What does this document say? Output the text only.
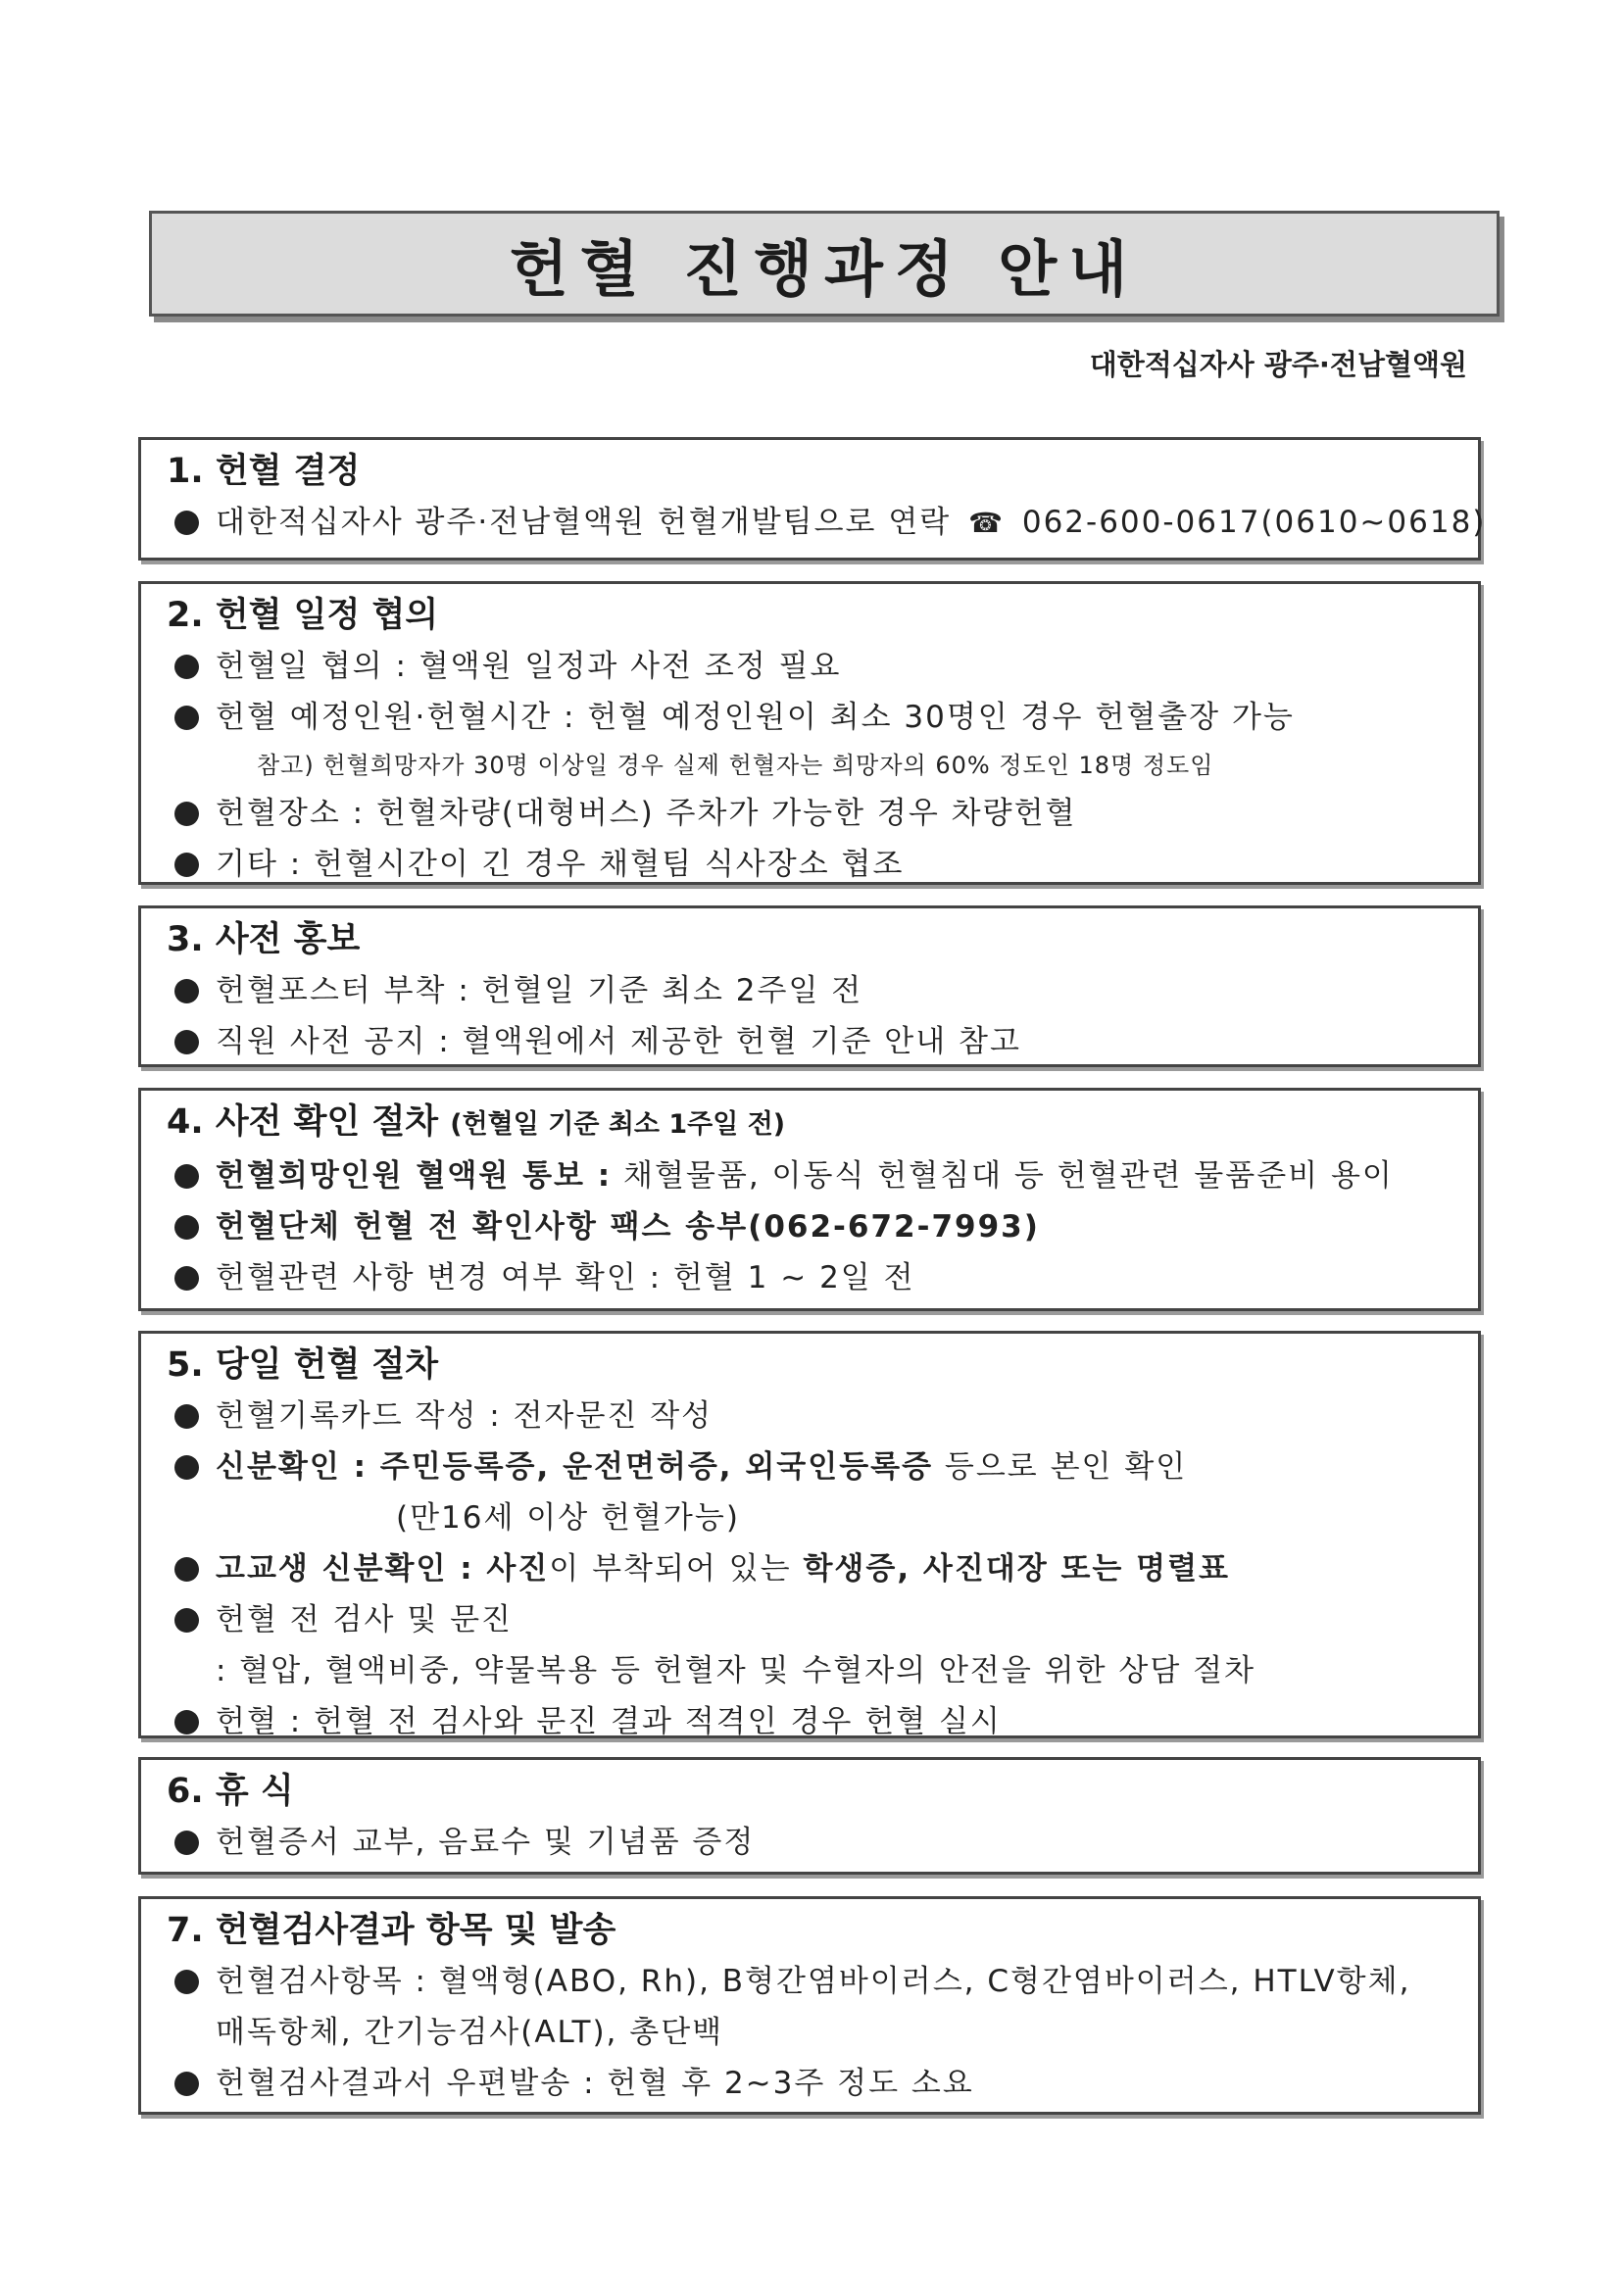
헌혈 진행과정 안내
대한적십자사 광주·전남혈액원
1. 헌혈 결정
대한적십자사 광주·전남혈액원 헌혈개발팀으로 연락 ☎ 062-600-0617(0610~0618)
2. 헌혈 일정 협의
헌혈일 협의 : 혈액원 일정과 사전 조정 필요
헌혈 예정인원·헌혈시간 : 헌혈 예정인원이 최소 30명인 경우 헌혈출장 가능
참고) 헌혈희망자가 30명 이상일 경우 실제 헌혈자는 희망자의 60% 정도인 18명 정도임
헌혈장소 : 헌혈차량(대형버스) 주차가 가능한 경우 차량헌혈
기타 : 헌혈시간이 긴 경우 채혈팀 식사장소 협조
3. 사전 홍보
헌혈포스터 부착 : 헌혈일 기준 최소 2주일 전
직원 사전 공지 : 혈액원에서 제공한 헌혈 기준 안내 참고
4. 사전 확인 절차 (헌혈일 기준 최소 1주일 전)
헌혈희망인원 혈액원 통보 : 채혈물품, 이동식 헌혈침대 등 헌혈관련 물품준비 용이
헌혈단체 헌혈 전 확인사항 팩스 송부(062-672-7993)
헌혈관련 사항 변경 여부 확인 : 헌혈 1 ~ 2일 전
5. 당일 헌혈 절차
헌혈기록카드 작성 : 전자문진 작성
신분확인 : 주민등록증, 운전면허증, 외국인등록증 등으로 본인 확인
(만16세 이상 헌혈가능)
고교생 신분확인 : 사진이 부착되어 있는 학생증, 사진대장 또는 명렬표
헌혈 전 검사 및 문진
: 혈압, 혈액비중, 약물복용 등 헌혈자 및 수혈자의 안전을 위한 상담 절차
헌혈 : 헌혈 전 검사와 문진 결과 적격인 경우 헌혈 실시
6. 휴 식
헌혈증서 교부, 음료수 및 기념품 증정
7. 헌혈검사결과 항목 및 발송
헌혈검사항목 : 혈액형(ABO, Rh), B형간염바이러스, C형간염바이러스, HTLV항체,
매독항체, 간기능검사(ALT), 총단백
헌혈검사결과서 우편발송 : 헌혈 후 2~3주 정도 소요
